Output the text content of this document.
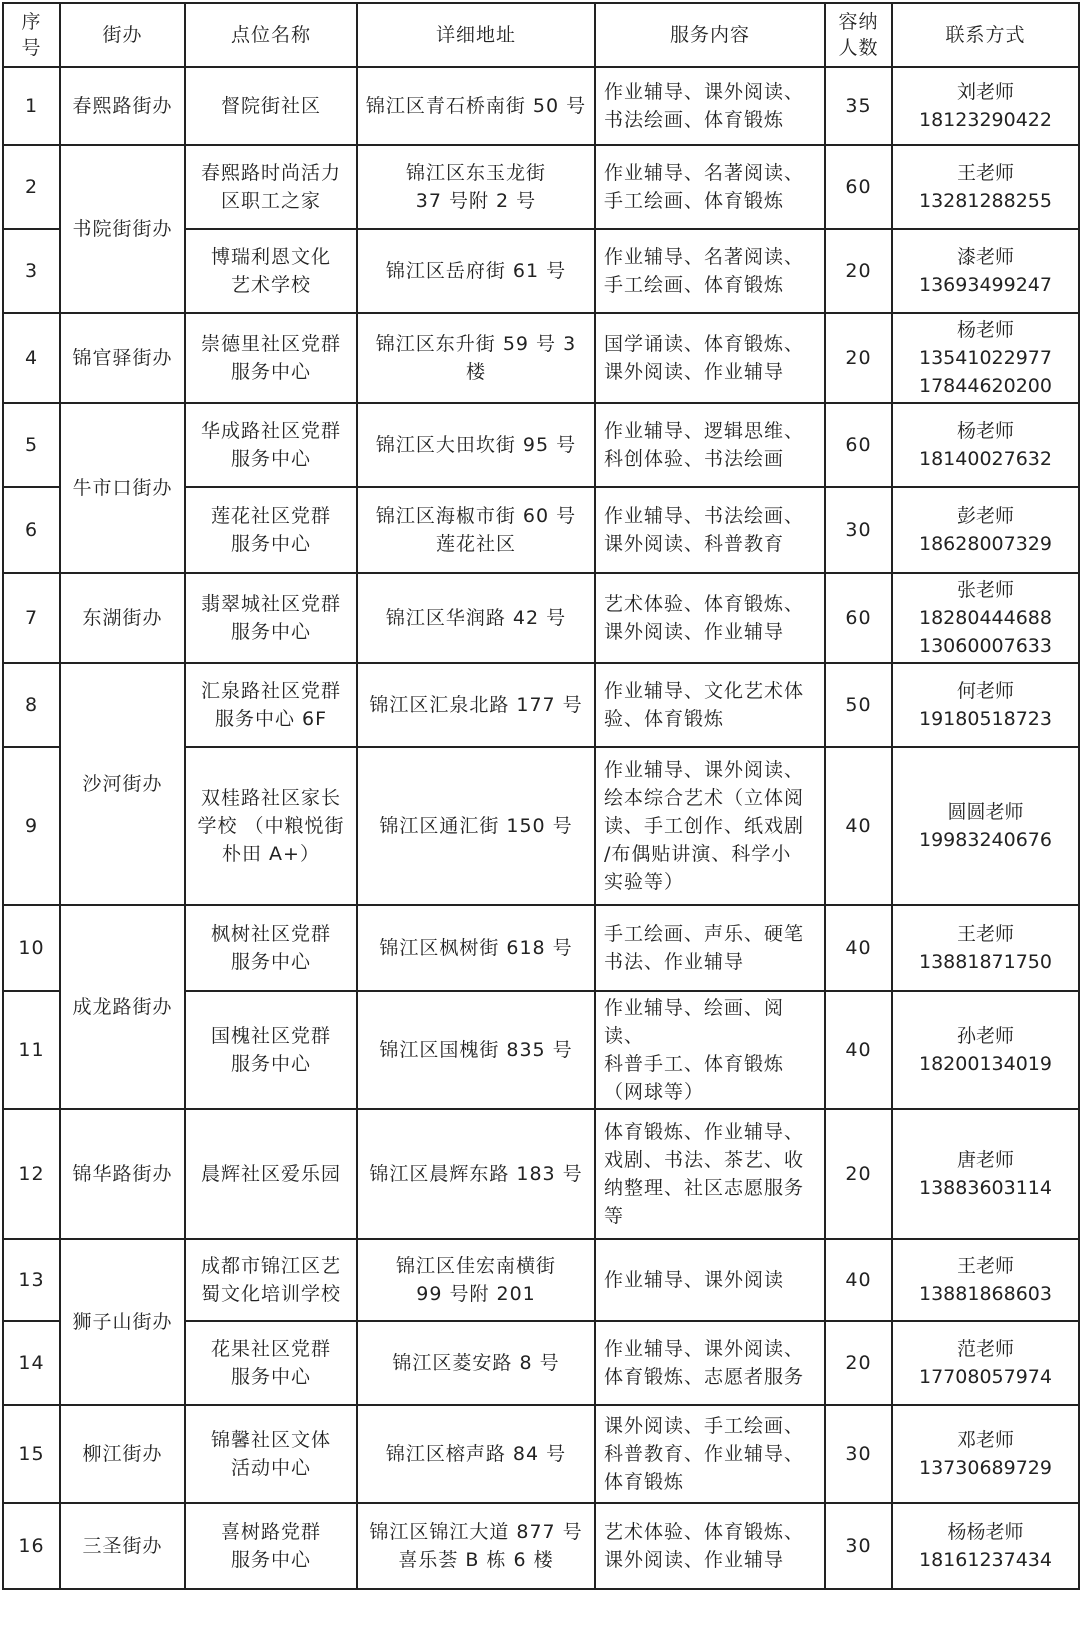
序
号	街办	点位名称	详细地址	服务内容	容纳
人数	联系方式
1	春熙路街办	督院街社区	锦江区青石桥南街 50 号	作业辅导、课外阅读、
书法绘画、体育锻炼	35	刘老师
18123290422

2	书院街街办	春熙路时尚活力
区职工之家	锦江区东玉龙街
37 号附 2 号	作业辅导、名著阅读、
手工绘画、体育锻炼	60	王老师
13281288255

3		博瑞利恩文化
艺术学校	锦江区岳府街 61 号	作业辅导、名著阅读、
手工绘画、体育锻炼	20	漆老师
13693499247

4	锦官驿街办	崇德里社区党群
服务中心	锦江区东升街 59 号 3 楼	国学诵读、体育锻炼、
课外阅读、作业辅导	20	杨老师
13541022977
17844620200

5	牛市口街办	华成路社区党群
服务中心	锦江区大田坎街 95 号	作业辅导、逻辑思维、
科创体验、书法绘画	60	杨老师
18140027632

6		莲花社区党群
服务中心	锦江区海椒市街 60 号
莲花社区	作业辅导、书法绘画、
课外阅读、科普教育	30	彭老师
18628007329

7	东湖街办	翡翠城社区党群
服务中心	锦江区华润路 42 号	艺术体验、体育锻炼、
课外阅读、作业辅导	60	张老师
18280444688
13060007633

8	沙河街办	汇泉路社区党群
服务中心 6F	锦江区汇泉北路 177 号	作业辅导、文化艺术体
验、体育锻炼	50	何老师
19180518723

9		双桂路社区家长
学校 （中粮悦街
朴田 A+）	锦江区通汇街 150 号	作业辅导、课外阅读、
绘本综合艺术（立体阅
读、手工创作、纸戏剧
/布偶贴讲演、科学小
实验等）	40	圆圆老师
19983240676

10	成龙路街办	枫树社区党群
服务中心	锦江区枫树街 618 号	手工绘画、声乐、硬笔
书法、作业辅导	40	王老师
13881871750

11		国槐社区党群
服务中心	锦江区国槐街 835 号	作业辅导、绘画、阅读、
科普手工、体育锻炼
（网球等）	40	孙老师
18200134019

12	锦华路街办	晨辉社区爱乐园	锦江区晨辉东路 183 号	体育锻炼、作业辅导、
戏剧、书法、茶艺、收
纳整理、社区志愿服务
等	20	唐老师
13883603114

13	狮子山街办	成都市锦江区艺
蜀文化培训学校	锦江区佳宏南横街
99 号附 201	作业辅导、课外阅读	40	王老师
13881868603

14		花果社区党群
服务中心	锦江区菱安路 8 号	作业辅导、课外阅读、
体育锻炼、志愿者服务	20	范老师
17708057974

15	柳江街办	锦馨社区文体
活动中心	锦江区榕声路 84 号	课外阅读、手工绘画、
科普教育、作业辅导、
体育锻炼	30	邓老师
13730689729

16	三圣街办	喜树路党群
服务中心	锦江区锦江大道 877 号
喜乐荟 B 栋 6 楼	艺术体验、体育锻炼、
课外阅读、作业辅导	30	杨杨老师
18161237434
